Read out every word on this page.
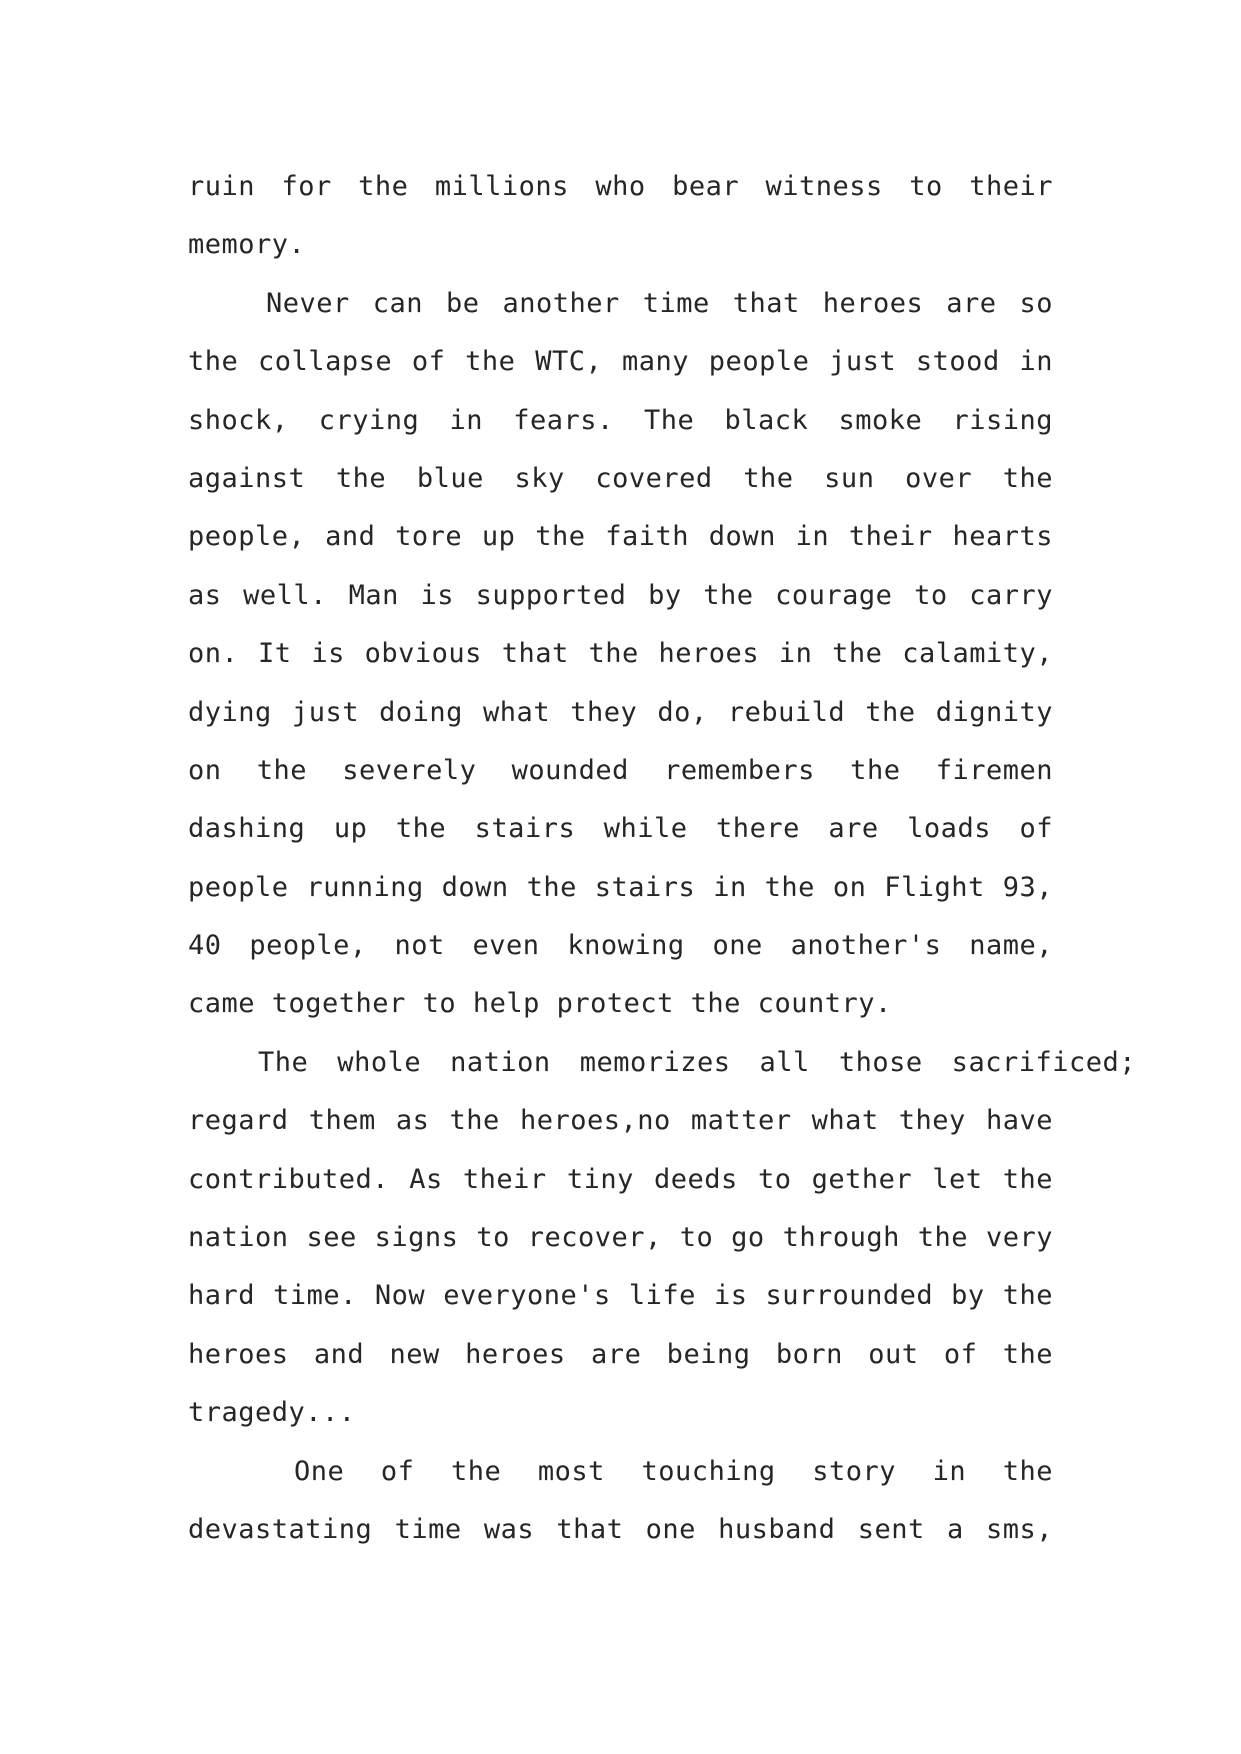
ruin for the millions who bear witness to their
memory.
Never can be another time that heroes are so
the collapse of the WTC, many people just stood in
shock, crying in fears. The black smoke rising
against the blue sky covered the sun over the
people, and tore up the faith down in their hearts
as well. Man is supported by the courage to carry
on. It is obvious that the heroes in the calamity,
dying just doing what they do, rebuild the dignity
on the severely wounded remembers the firemen
dashing up the stairs while there are loads of
people running down the stairs in the on Flight 93,
40 people, not even knowing one another's name,
came together to help protect the country.
The whole nation memorizes all those sacrificed;
regard them as the heroes,no matter what they have
contributed. As their tiny deeds to gether let the
nation see signs to recover, to go through the very
hard time. Now everyone's life is surrounded by the
heroes and new heroes are being born out of the
tragedy...
One of the most touching story in the
devastating time was that one husband sent a sms,
